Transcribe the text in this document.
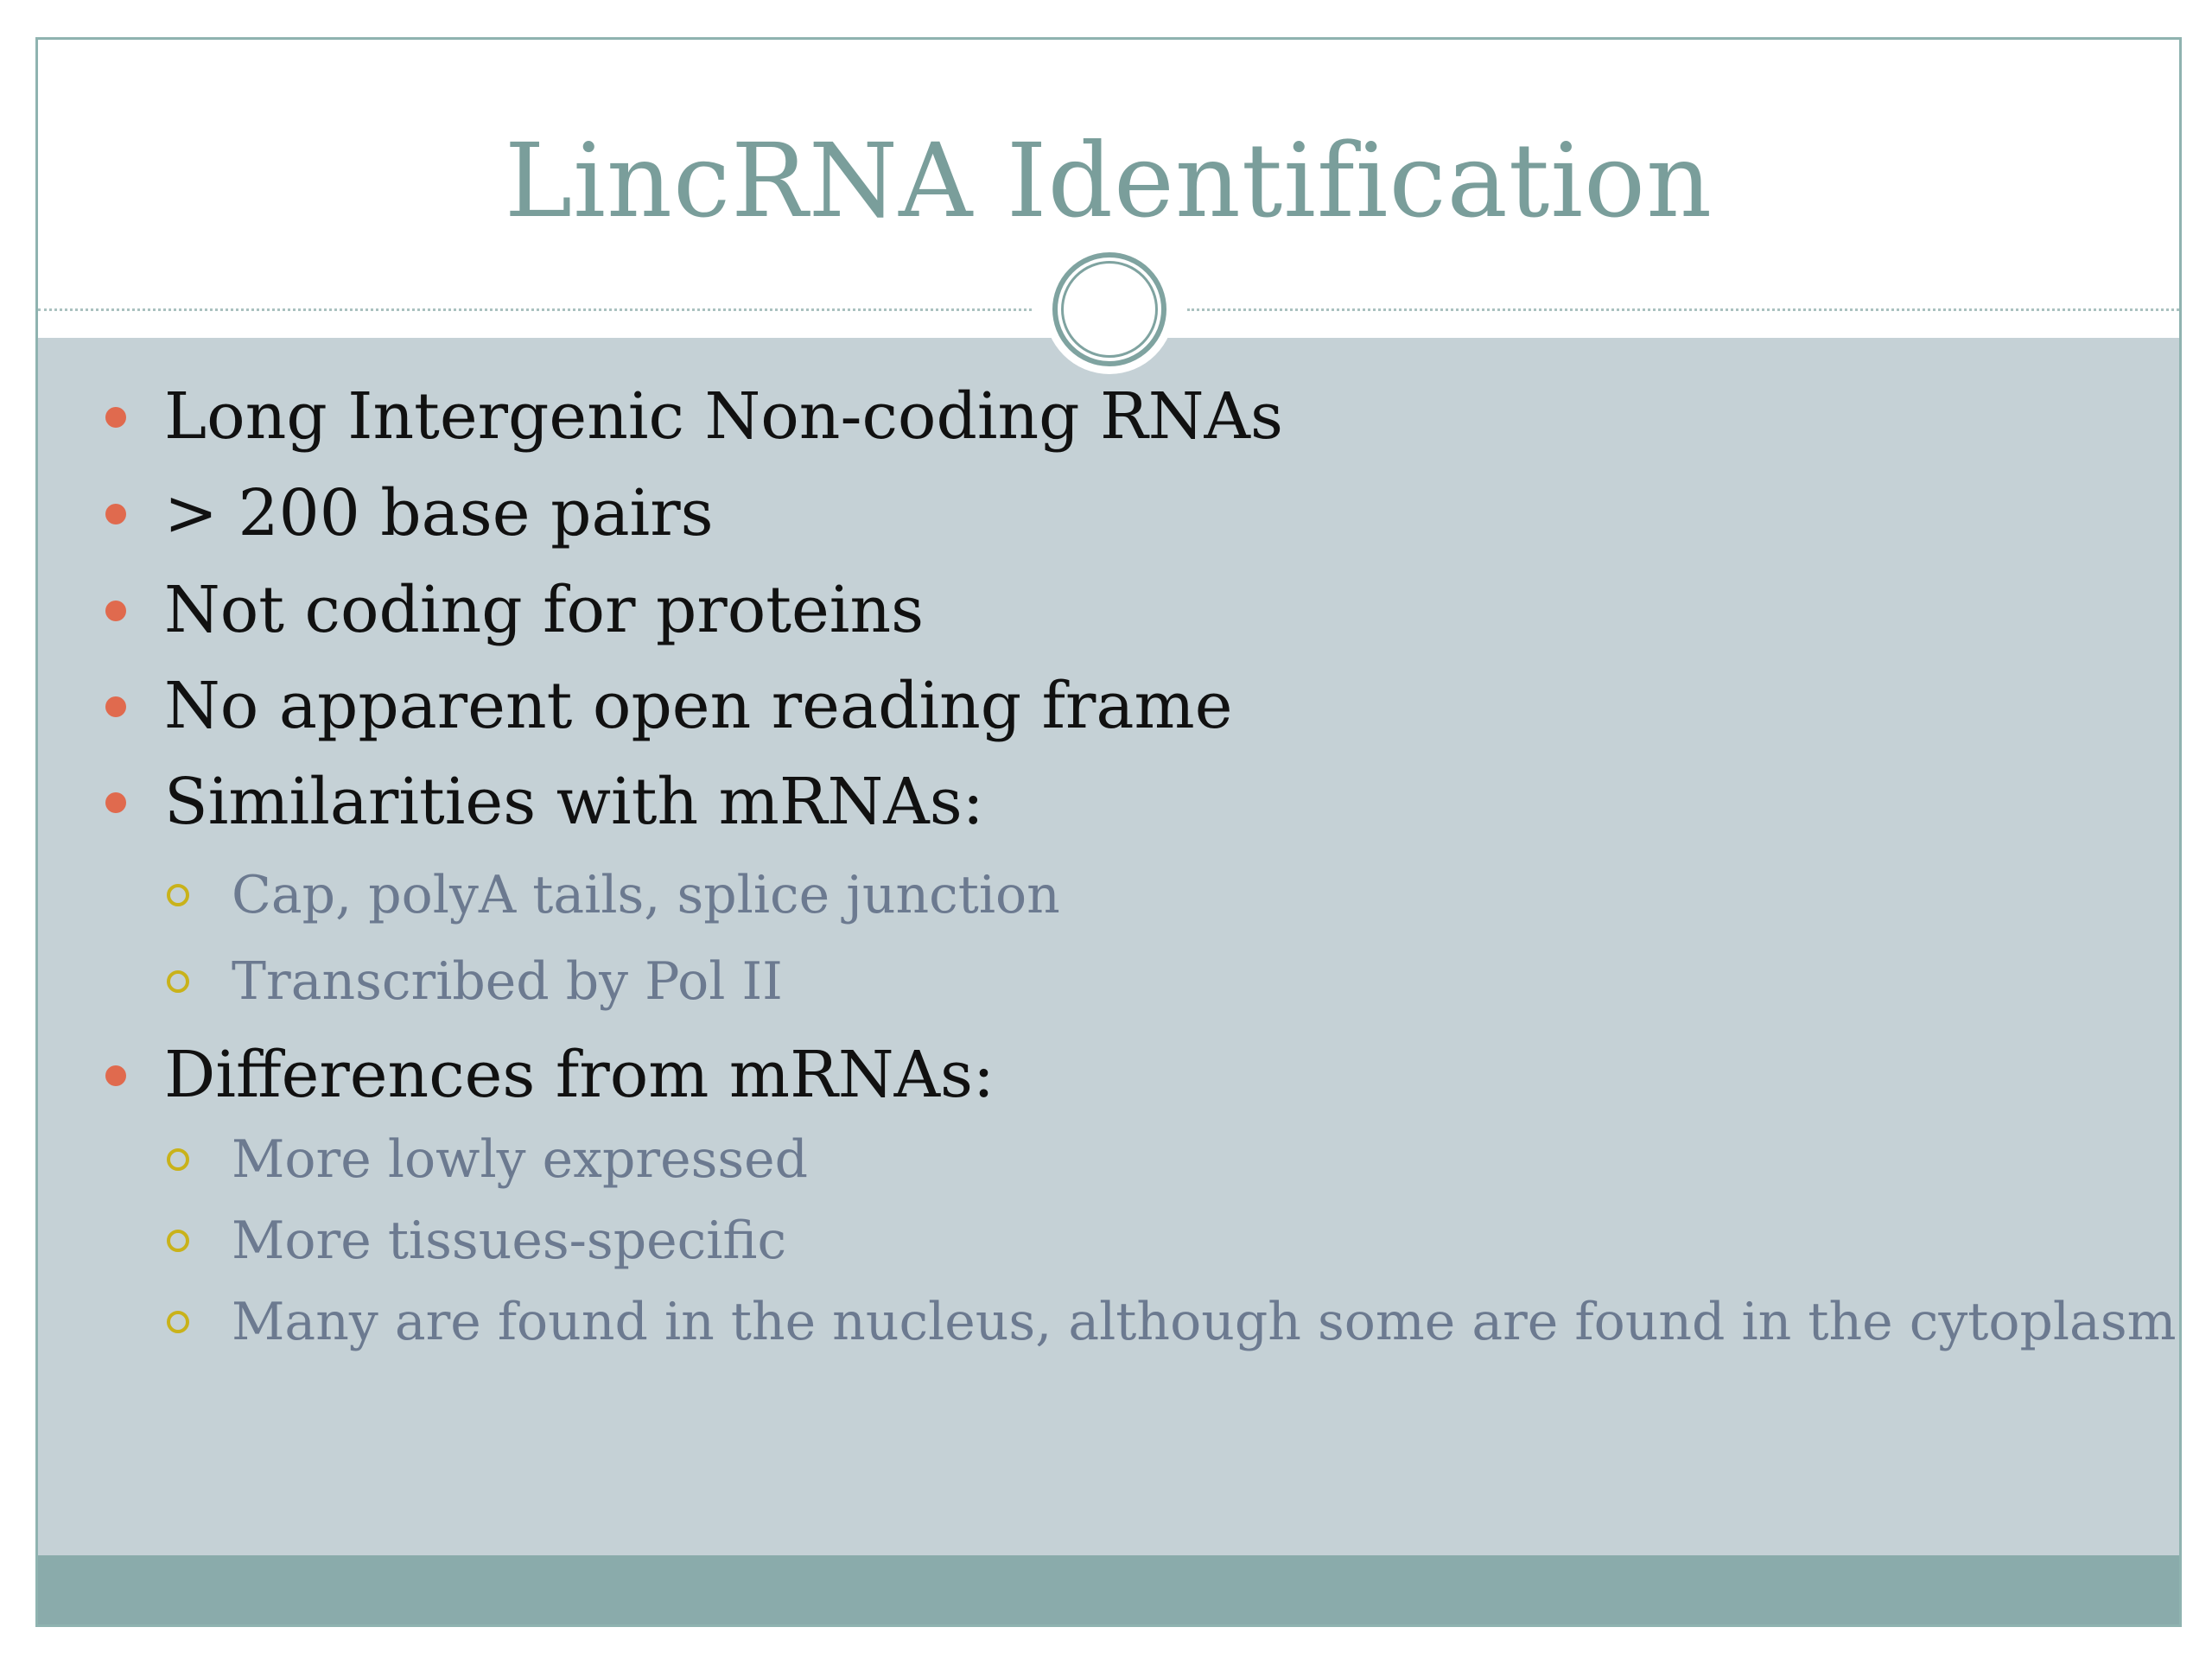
LincRNA Identification
Long Intergenic Non-coding RNAs
> 200 base pairs
Not coding for proteins
No apparent open reading frame
Similarities with mRNAs:
Cap, polyA tails, splice junction
Transcribed by Pol II
Differences from mRNAs:
More lowly expressed
More tissues-specific
Many are found in the nucleus, although some are found in the cytoplasm
